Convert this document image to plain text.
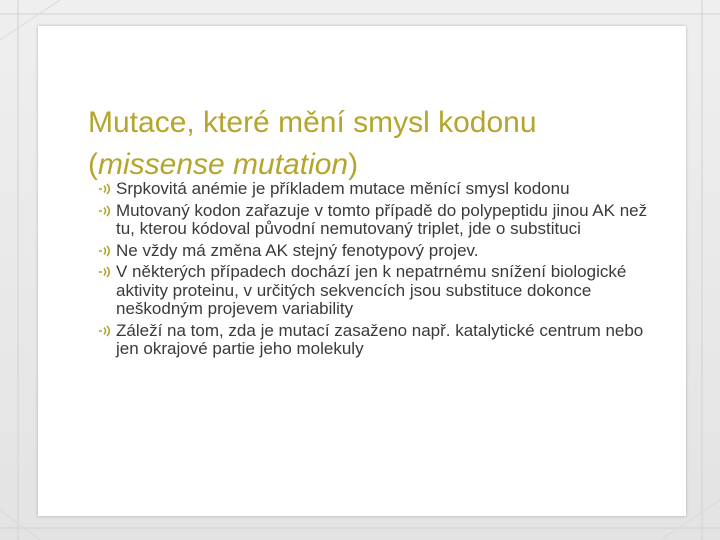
Mutace, které mění smysl kodonu
(missense mutation)
Srpkovitá anémie je příkladem mutace měnící smysl kodonu
Mutovaný kodon zařazuje v tomto případě do polypeptidu jinou AK než tu, kterou kódoval původní nemutovaný triplet, jde o substituci
Ne vždy má změna AK stejný fenotypový projev.
V některých případech dochází jen k nepatrnému snížení biologické aktivity proteinu, v určitých sekvencích jsou substituce dokonce neškodným projevem variability
Záleží na tom, zda je mutací zasaženo např. katalytické centrum nebo jen okrajové partie jeho molekuly
